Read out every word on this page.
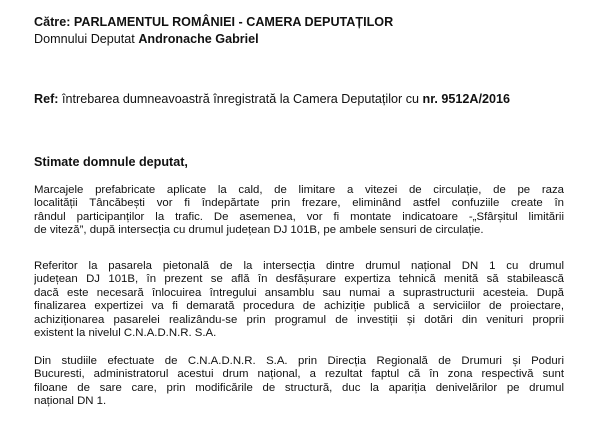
Către: PARLAMENTUL ROMÂNIEI - CAMERA DEPUTAȚILOR
Domnului Deputat Andronache Gabriel
Ref: întrebarea dumneavoastră înregistrată la Camera Deputaților cu nr. 9512A/2016
Stimate domnule deputat,
Marcajele prefabricate aplicate la cald, de limitare a vitezei de circulație, de pe raza
localității Tâncăbești vor fi îndepărtate prin frezare, eliminând astfel confuziile create în
rândul participanților la trafic. De asemenea, vor fi montate indicatoare -„Sfârșitul limitării
de viteză”, după intersecția cu drumul județean DJ 101B, pe ambele sensuri de circulație.
Referitor la pasarela pietonală de la intersecția dintre drumul național DN 1 cu drumul
județean DJ 101B, în prezent se află în desfășurare expertiza tehnică menită să stabilească
dacă este necesară înlocuirea întregului ansamblu sau numai a suprastructurii acesteia. După
finalizarea expertizei va fi demarată procedura de achiziție publică a serviciilor de proiectare,
achiziționarea pasarelei realizându-se prin programul de investiții și dotări din venituri proprii
existent la nivelul C.N.A.D.N.R. S.A.
Din studiile efectuate de C.N.A.D.N.R. S.A. prin Direcția Regională de Drumuri și Poduri
Bucuresti, administratorul acestui drum național, a rezultat faptul că în zona respectivă sunt
filoane de sare care, prin modificările de structură, duc la apariția denivelărilor pe drumul
național DN 1.
